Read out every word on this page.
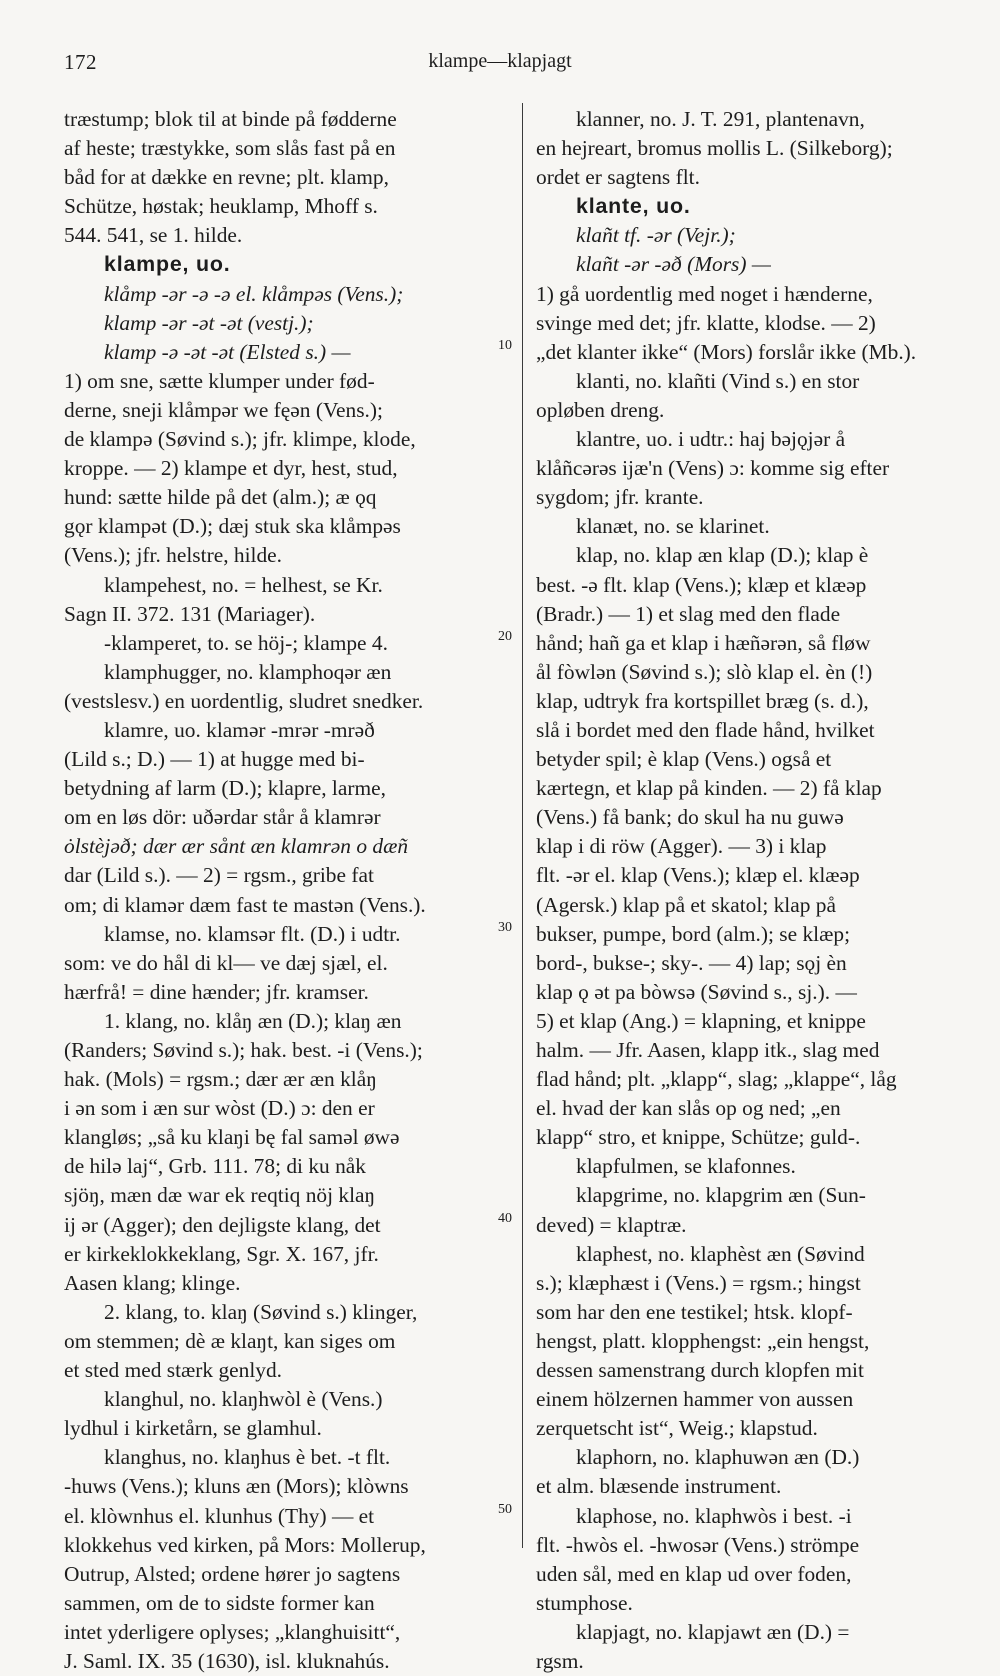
172	klampe—klapjagt
træstump; blok til at binde på fødderne
af heste; træstykke, som slås fast på en
båd for at dække en revne; plt. klamp,
Schütze, høstak; heuklamp, Mhoff s.
544. 541, se 1. hilde.
klampe, uo.
klåmp -ər -ə -ə el. klåmpəs (Vens.);
klamp -ər -ət -ət (vestj.);
klamp -ə -ət -ət (Elsted s.) —
1) om sne, sætte klumper under fød-
derne, sneji klåmpər we fęən (Vens.);
de klampə (Søvind s.); jfr. klimpe, klode,
kroppe. — 2) klampe et dyr, hest, stud,
hund: sætte hilde på det (alm.); æ ǫq
gǫr klampət (D.); dæj stuk ska klåmpəs
(Vens.); jfr. helstre, hilde.
klampehest, no. = helhest, se Kr.
Sagn II. 372. 131 (Mariager).
-klamperet, to. se höj-; klampe 4.
klamphugger, no. klamphoqər æn
(vestslesv.) en uordentlig, sludret snedker.
klamre, uo. klamər -mrər -mrəð
(Lild s.; D.) — 1) at hugge med bi-
betydning af larm (D.); klapre, larme,
om en løs dör: uðərdar står å klamrər
ȯlstèjəð; dær ær sånt æn klamrən o dæñ
dar (Lild s.). — 2) = rgsm., gribe fat
om; di klamər dæm fast te mastən (Vens.).
klamse, no. klamsər flt. (D.) i udtr.
som: ve do hål di kl— ve dæj sjæl, el.
hærfrå! = dine hænder; jfr. kramser.
1. klang, no. klåŋ æn (D.); klaŋ æn
(Randers; Søvind s.); hak. best. -i (Vens.);
hak. (Mols) = rgsm.; dær ær æn klåŋ
i ən som i æn sur wòst (D.) ɔ: den er
klangløs; „så ku klaŋi bę fal saməl øwə
de hilə laj“, Grb. 111. 78; di ku nåk
sjöŋ, mæn dæ war ek reqtiq nöj klaŋ
ij ər (Agger); den dejligste klang, det
er kirkeklokkeklang, Sgr. X. 167, jfr.
Aasen klang; klinge.
2. klang, to. klaŋ (Søvind s.) klinger,
om stemmen; dè æ klaŋt, kan siges om
et sted med stærk genlyd.
klanghul, no. klaŋhwòl è (Vens.)
lydhul i kirketårn, se glamhul.
klanghus, no. klaŋhus è bet. -t flt.
-huws (Vens.); kluns æn (Mors); klòwns
el. klòwnhus el. klunhus (Thy) — et
klokkehus ved kirken, på Mors: Mollerup,
Outrup, Alsted; ordene hører jo sagtens
sammen, om de to sidste former kan
intet yderligere oplyses; „klanghuisitt“,
J. Saml. IX. 35 (1630), isl. kluknahús.
10
20
30
40
50
klanner, no. J. T. 291, plantenavn,
en hejreart, bromus mollis L. (Silkeborg);
ordet er sagtens flt.
klante, uo.
klañt tf. -ər (Vejr.);
klañt -ər -əð (Mors) —
1) gå uordentlig med noget i hænderne,
svinge med det; jfr. klatte, klodse. — 2)
„det klanter ikke“ (Mors) forslår ikke (Mb.).
klanti, no. klañti (Vind s.) en stor
opløben dreng.
klantre, uo. i udtr.: haj bəjǫjər å
klåñcərəs ijæ'n (Vens) ɔ: komme sig efter
sygdom; jfr. krante.
klanæt, no. se klarinet.
klap, no. klap æn klap (D.); klap è
best. -ə flt. klap (Vens.); klæp et klæəp
(Bradr.) — 1) et slag med den flade
hånd; hañ ga et klap i hæñərən, så fløw
ål fòwlən (Søvind s.); slò klap el. èn (!)
klap, udtryk fra kortspillet bræg (s. d.),
slå i bordet med den flade hånd, hvilket
betyder spil; è klap (Vens.) også et
kærtegn, et klap på kinden. — 2) få klap
(Vens.) få bank; do skul ha nu guwə
klap i di röw (Agger). — 3) i klap
flt. -ər el. klap (Vens.); klæp el. klæəp
(Agersk.) klap på et skatol; klap på
bukser, pumpe, bord (alm.); se klæp;
bord-, bukse-; sky-. — 4) lap; sǫj èn
klap ǫ ət pa bòwsə (Søvind s., sj.). —
5) et klap (Ang.) = klapning, et knippe
halm. — Jfr. Aasen, klapp itk., slag med
flad hånd; plt. „klapp“, slag; „klappe“, låg
el. hvad der kan slås op og ned; „en
klapp“ stro, et knippe, Schütze; guld-.
klapfulmen, se klafonnes.
klapgrime, no. klapgrim æn (Sun-
deved) = klaptræ.
klaphest, no. klaphèst æn (Søvind
s.); klæphæst i (Vens.) = rgsm.; hingst
som har den ene testikel; htsk. klopf-
hengst, platt. klopphengst: „ein hengst,
dessen samenstrang durch klopfen mit
einem hölzernen hammer von aussen
zerquetscht ist“, Weig.; klapstud.
klaphorn, no. klaphuwən æn (D.)
et alm. blæsende instrument.
klaphose, no. klaphwòs i best. -i
flt. -hwòs el. -hwosər (Vens.) strömpe
uden sål, med en klap ud over foden,
stumphose.
klapjagt, no. klapjawt æn (D.) =
rgsm.
